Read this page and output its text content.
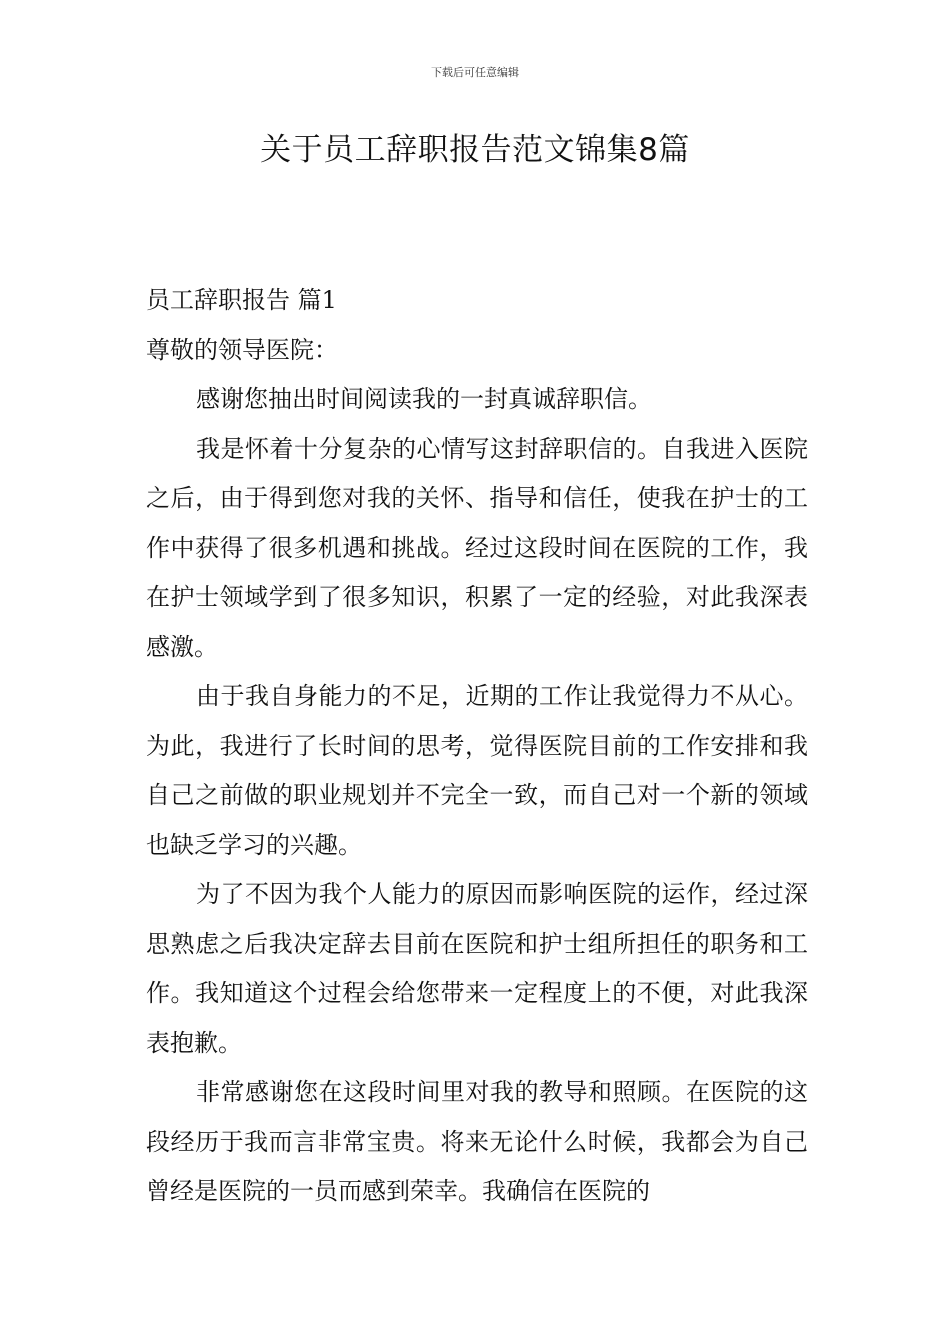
下载后可任意编辑
关于员工辞职报告范文锦集8篇

员工辞职报告 篇1

尊敬的领导医院：

感谢您抽出时间阅读我的一封真诚辞职信。

我是怀着十分复杂的心情写这封辞职信的。自我进入医院之后，由于得到您对我的关怀、指导和信任，使我在护士的工作中获得了很多机遇和挑战。经过这段时间在医院的工作，我在护士领域学到了很多知识，积累了一定的经验，对此我深表感激。

由于我自身能力的不足，近期的工作让我觉得力不从心。为此，我进行了长时间的思考，觉得医院目前的工作安排和我自己之前做的职业规划并不完全一致，而自己对一个新的领域也缺乏学习的兴趣。

为了不因为我个人能力的原因而影响医院的运作，经过深思熟虑之后我决定辞去目前在医院和护士组所担任的职务和工作。我知道这个过程会给您带来一定程度上的不便，对此我深表抱歉。

非常感谢您在这段时间里对我的教导和照顾。在医院的这段经历于我而言非常宝贵。将来无论什么时候，我都会为自己曾经是医院的一员而感到荣幸。我确信在医院的
